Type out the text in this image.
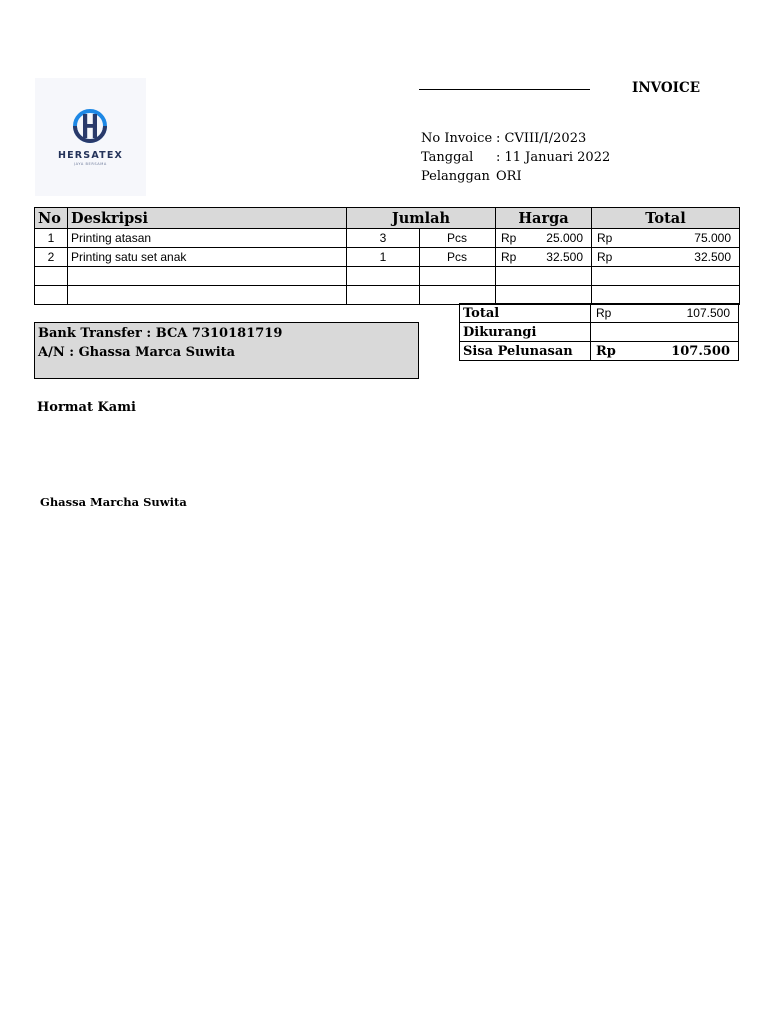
HERSATEX
JAYA BERSAMA
INVOICE
No Invoice : CVIII/I/2023
Tanggal : 11 Januari 2022
Pelanggan ORI
No	Deskripsi	Jumlah		Harga	Total
1	Printing atasan	3	Pcs	Rp 25.000	Rp 75.000

2	Printing satu set anak	1	Pcs	Rp 32.500	Rp 32.500

Bank Transfer : BCA 7310181719
A/N : Ghassa Marca Suwita
Total	Rp 107.500

Dikurangi	
Sisa Pelunasan	Rp 107.500
Hormat Kami
Ghassa Marcha Suwita
